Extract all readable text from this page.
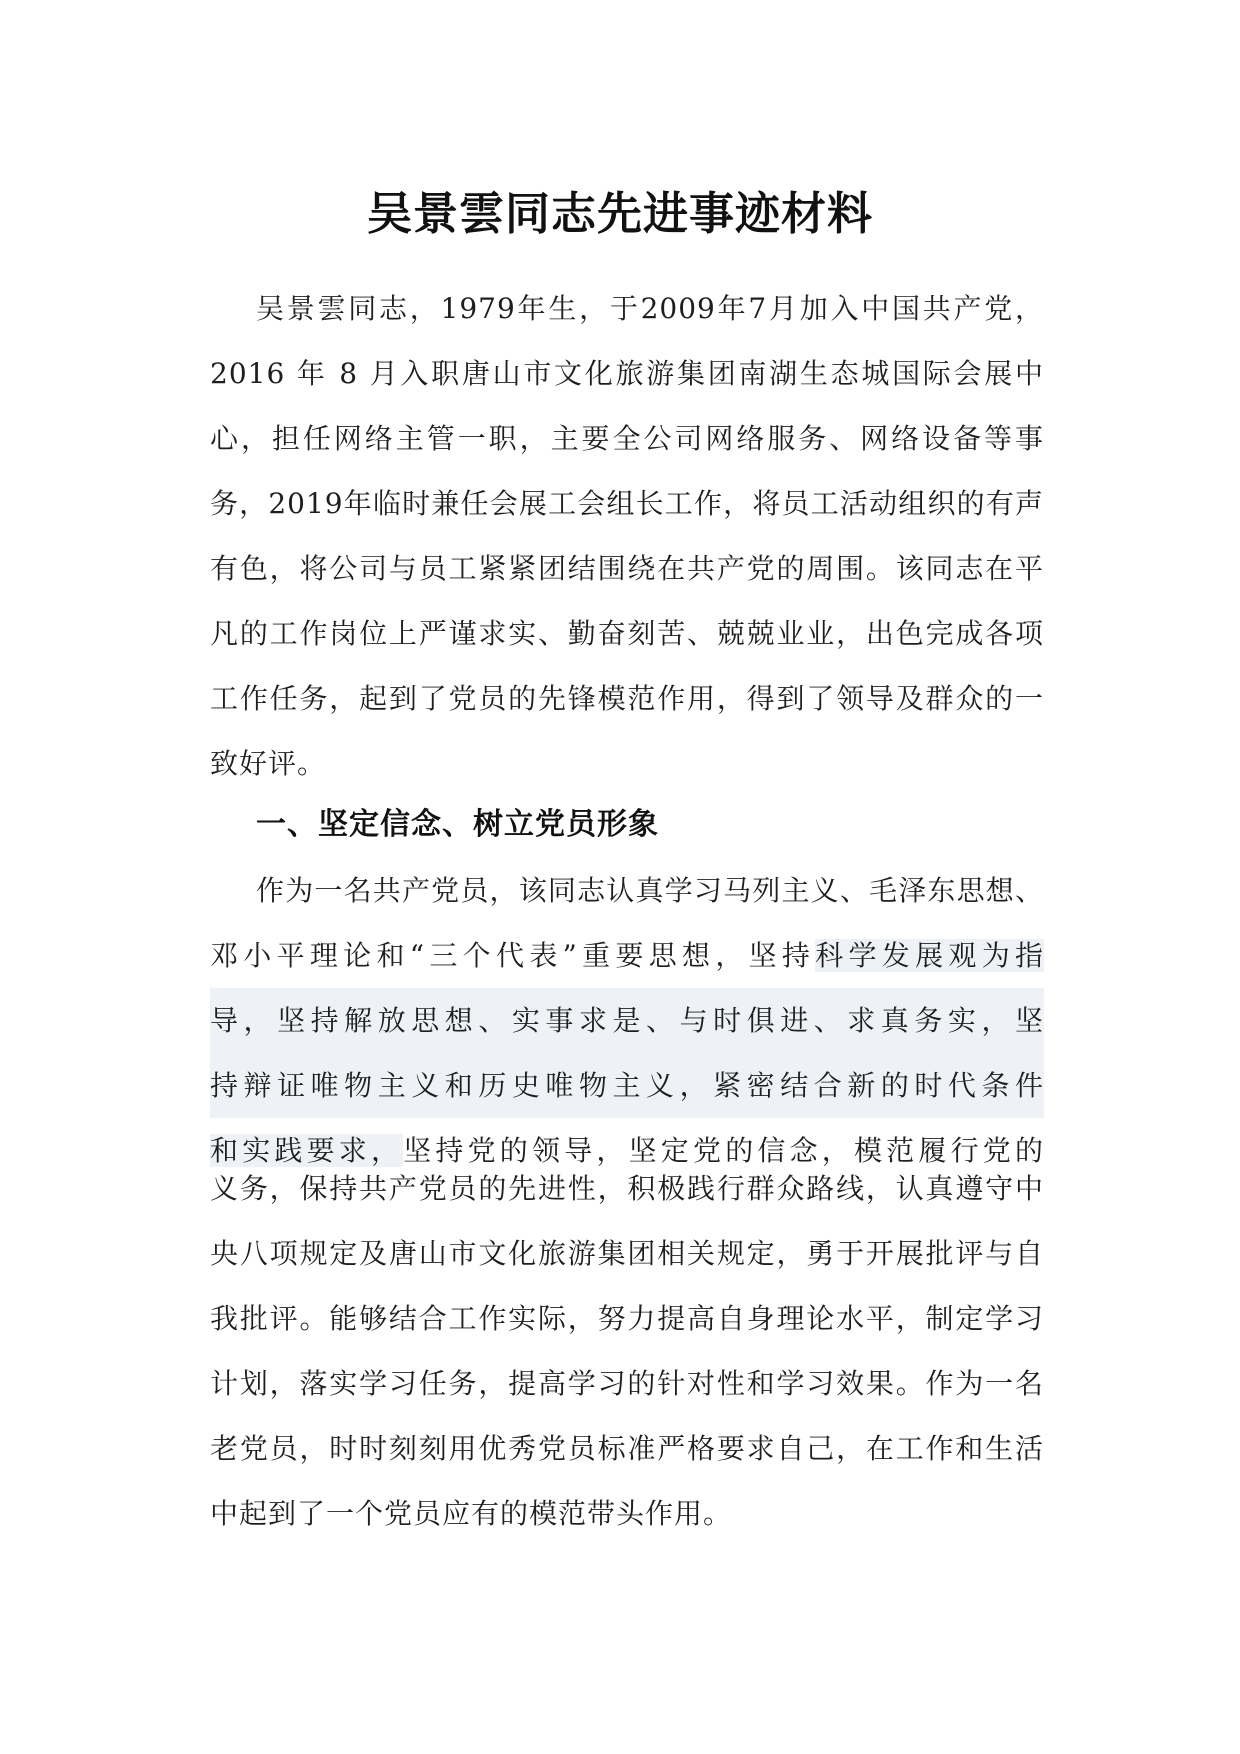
吴景雲同志先进事迹材料

吴景雲同志，1979年生，于2009年7月加入中国共产党，2016 年 8 月入职唐山市文化旅游集团南湖生态城国际会展中心，担任网络主管一职，主要全公司网络服务、网络设备等事务，2019年临时兼任会展工会组长工作，将员工活动组织的有声有色，将公司与员工紧紧团结围绕在共产党的周围。该同志在平凡的工作岗位上严谨求实、勤奋刻苦、兢兢业业，出色完成各项工作任务，起到了党员的先锋模范作用，得到了领导及群众的一致好评。

一、坚定信念、树立党员形象
作为一名共产党员，该同志认真学习马列主义、毛泽东思想、
邓小平理论和“三个代表”重要思想，坚持科学发展观为指
导，坚持解放思想、实事求是、与时俱进、求真务实，坚
持辩证唯物主义和历史唯物主义，紧密结合新的时代条件
和实践要求，坚持党的领导，坚定党的信念，模范履行党的

义务，保持共产党员的先进性，积极践行群众路线，认真遵守中央八项规定及唐山市文化旅游集团相关规定，勇于开展批评与自我批评。能够结合工作实际，努力提高自身理论水平，制定学习计划，落实学习任务，提高学习的针对性和学习效果。作为一名老党员，时时刻刻用优秀党员标准严格要求自己，在工作和生活中起到了一个党员应有的模范带头作用。
